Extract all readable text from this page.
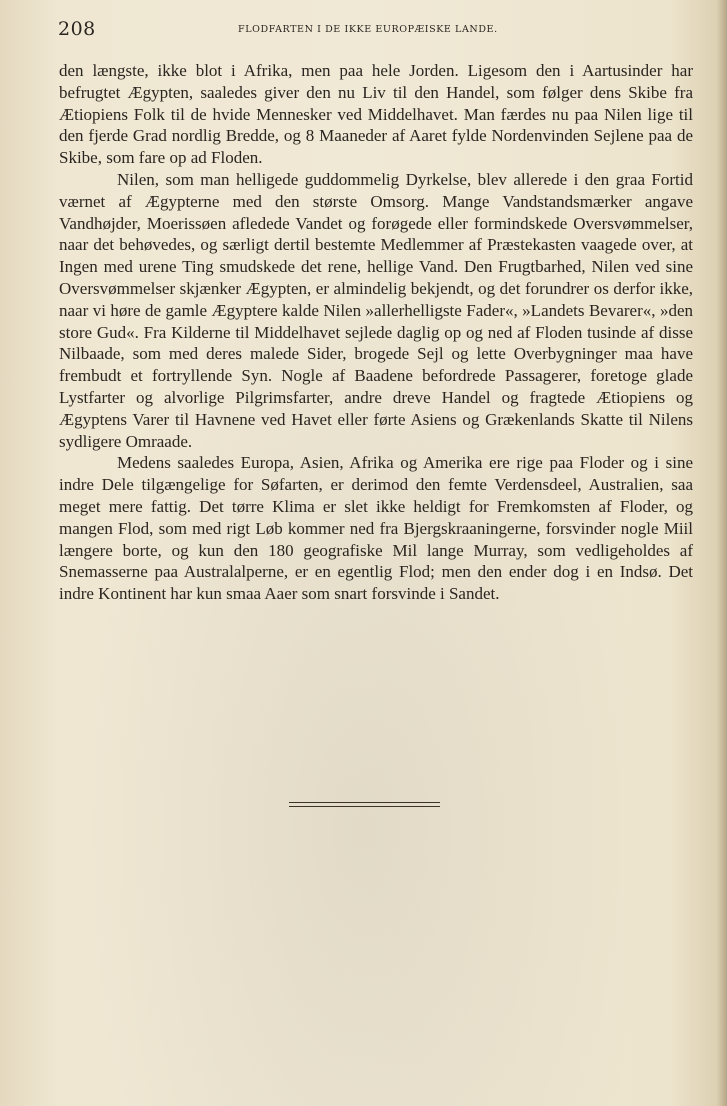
208	FLODFARTEN I DE IKKE EUROPÆISKE LANDE.

den længste, ikke blot i Afrika, men paa hele Jorden. Ligesom den i Aartusinder har befrugtet Ægypten, saaledes giver den nu Liv til den Handel, som følger dens Skibe fra Ætiopiens Folk til de hvide Mennesker ved Middelhavet. Man færdes nu paa Nilen lige til den fjerde Grad nordlig Bredde, og 8 Maaneder af Aaret fylde Nordenvinden Sejlene paa de Skibe, som fare op ad Floden.

Nilen, som man helligede guddommelig Dyrkelse, blev allerede i den graa Fortid værnet af Ægypterne med den største Omsorg. Mange Vandstandsmærker angave Vandhøjder, Moerissøen afledede Vandet og forøgede eller formindskede Oversvømmelser, naar det behøvedes, og særligt dertil bestemte Medlemmer af Præstekasten vaagede over, at Ingen med urene Ting smudskede det rene, hellige Vand. Den Frugtbarhed, Nilen ved sine Oversvømmelser skjænker Ægypten, er almindelig bekjendt, og det forundrer os derfor ikke, naar vi høre de gamle Ægyptere kalde Nilen »allerhelligste Fader«, »Landets Bevarer«, »den store Gud«. Fra Kilderne til Middelhavet sejlede daglig op og ned af Floden tusinde af disse Nilbaade, som med deres malede Sider, brogede Sejl og lette Overbygninger maa have frembudt et fortryllende Syn. Nogle af Baadene befordrede Passagerer, foretoge glade Lystfarter og alvorlige Pilgrimsfarter, andre dreve Handel og fragtede Ætiopiens og Ægyptens Varer til Havnene ved Havet eller førte Asiens og Grækenlands Skatte til Nilens sydligere Omraade.

Medens saaledes Europa, Asien, Afrika og Amerika ere rige paa Floder og i sine indre Dele tilgængelige for Søfarten, er derimod den femte Verdensdeel, Australien, saa meget mere fattig. Det tørre Klima er slet ikke heldigt for Fremkomsten af Floder, og mangen Flod, som med rigt Løb kommer ned fra Bjergskraaningerne, forsvinder nogle Miil længere borte, og kun den 180 geografiske Mil lange Murray, som vedligeholdes af Snemasserne paa Australalperne, er en egentlig Flod; men den ender dog i en Indsø. Det indre Kontinent har kun smaa Aaer som snart forsvinde i Sandet.
